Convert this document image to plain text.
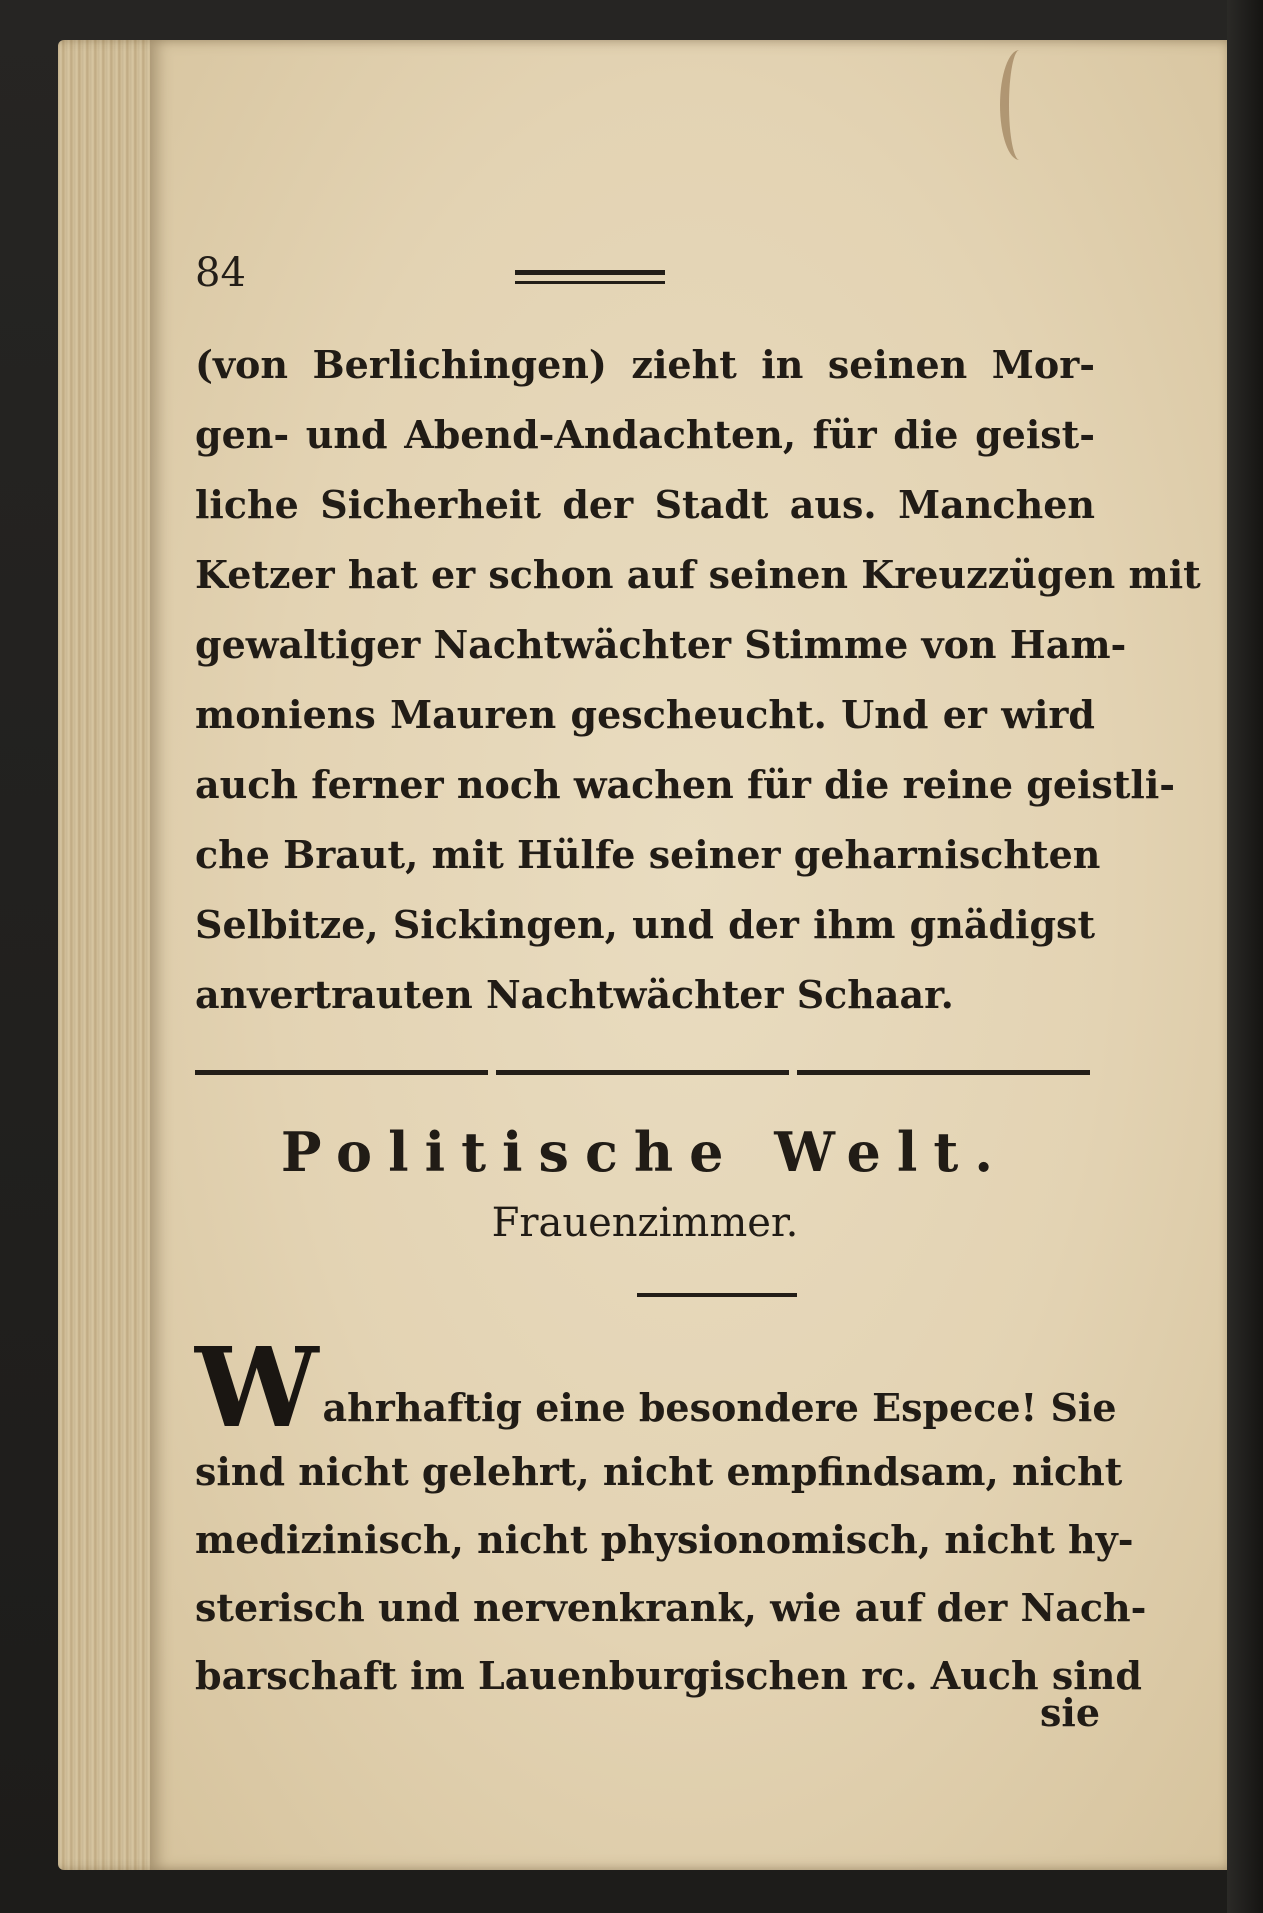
84
(von Berlichingen) zieht in seinen Mor-
gen- und Abend-Andachten, für die geist-
liche Sicherheit der Stadt aus. Manchen
Ketzer hat er schon auf seinen Kreuzzügen mit
gewaltiger Nachtwächter Stimme von Ham-
moniens Mauren gescheucht. Und er wird
auch ferner noch wachen für die reine geistli-
che Braut, mit Hülfe seiner geharnischten
Selbitze, Sickingen, und der ihm gnädigst
anvertrauten Nachtwächter Schaar.
Politische Welt.
Frauenzimmer.
W ahrhaftig eine besondere Espece! Sie
sind nicht gelehrt, nicht empfindsam, nicht
medizinisch, nicht physionomisch, nicht hy-
sterisch und nervenkrank, wie auf der Nach-
barschaft im Lauenburgischen rc. Auch sind
sie
